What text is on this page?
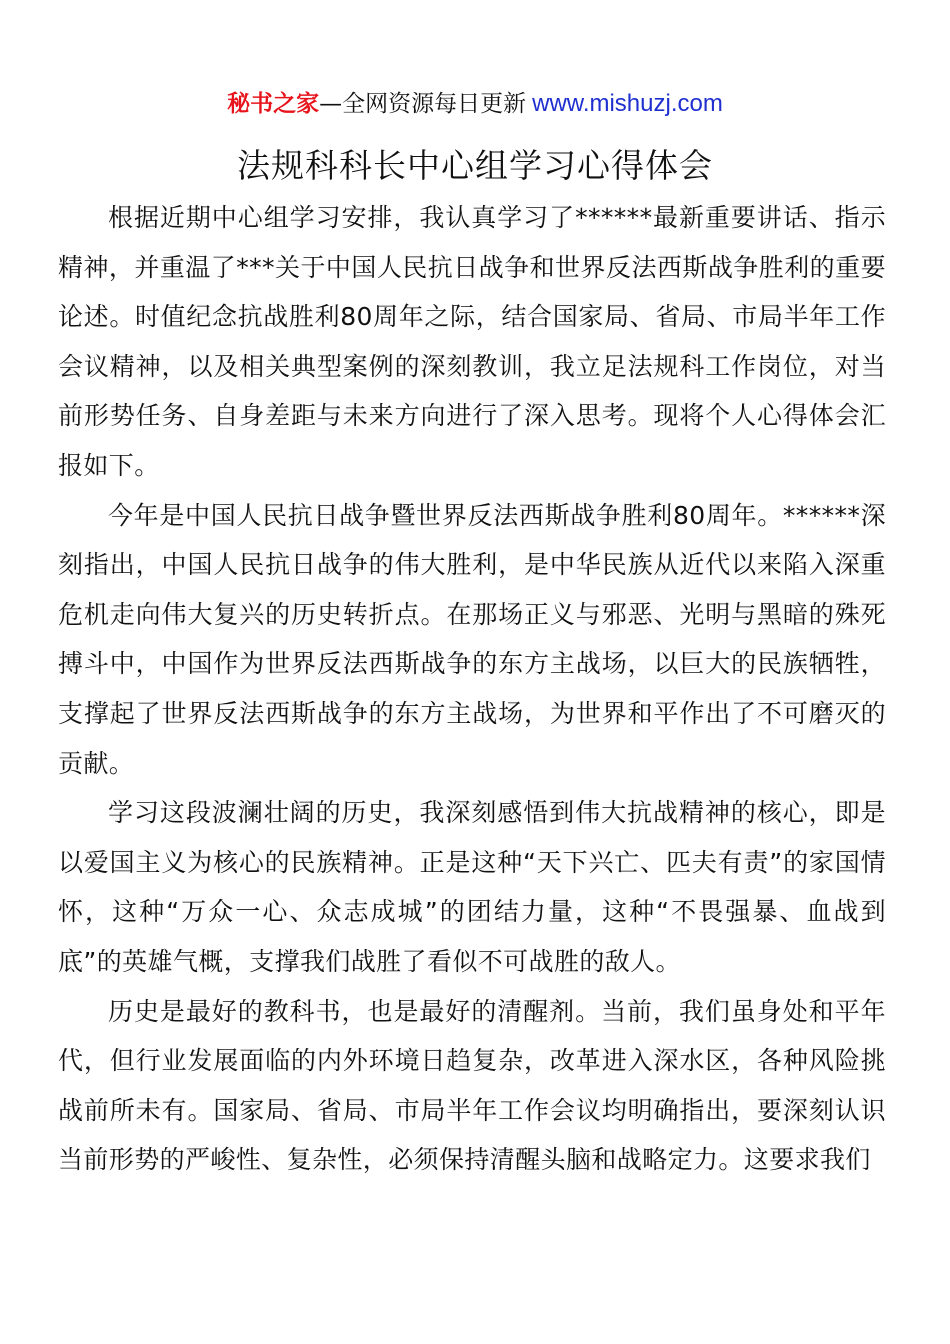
秘书之家—全网资源每日更新 www.mishuzj.com
法规科科长中心组学习心得体会

根据近期中心组学习安排，我认真学习了******最新重要讲话、指示精神，并重温了***关于中国人民抗日战争和世界反法西斯战争胜利的重要论述。时值纪念抗战胜利80周年之际，结合国家局、省局、市局半年工作会议精神，以及相关典型案例的深刻教训，我立足法规科工作岗位，对当前形势任务、自身差距与未来方向进行了深入思考。现将个人心得体会汇报如下。

今年是中国人民抗日战争暨世界反法西斯战争胜利80周年。******深刻指出，中国人民抗日战争的伟大胜利，是中华民族从近代以来陷入深重危机走向伟大复兴的历史转折点。在那场正义与邪恶、光明与黑暗的殊死搏斗中，中国作为世界反法西斯战争的东方主战场，以巨大的民族牺牲，支撑起了世界反法西斯战争的东方主战场，为世界和平作出了不可磨灭的贡献。

学习这段波澜壮阔的历史，我深刻感悟到伟大抗战精神的核心，即是以爱国主义为核心的民族精神。正是这种“天下兴亡、匹夫有责”的家国情怀，这种“万众一心、众志成城”的团结力量，这种“不畏强暴、血战到底”的英雄气概，支撑我们战胜了看似不可战胜的敌人。

历史是最好的教科书，也是最好的清醒剂。当前，我们虽身处和平年代，但行业发展面临的内外环境日趋复杂，改革进入深水区，各种风险挑战前所未有。国家局、省局、市局半年工作会议均明确指出，要深刻认识当前形势的严峻性、复杂性，必须保持清醒头脑和战略定力。这要求我们
